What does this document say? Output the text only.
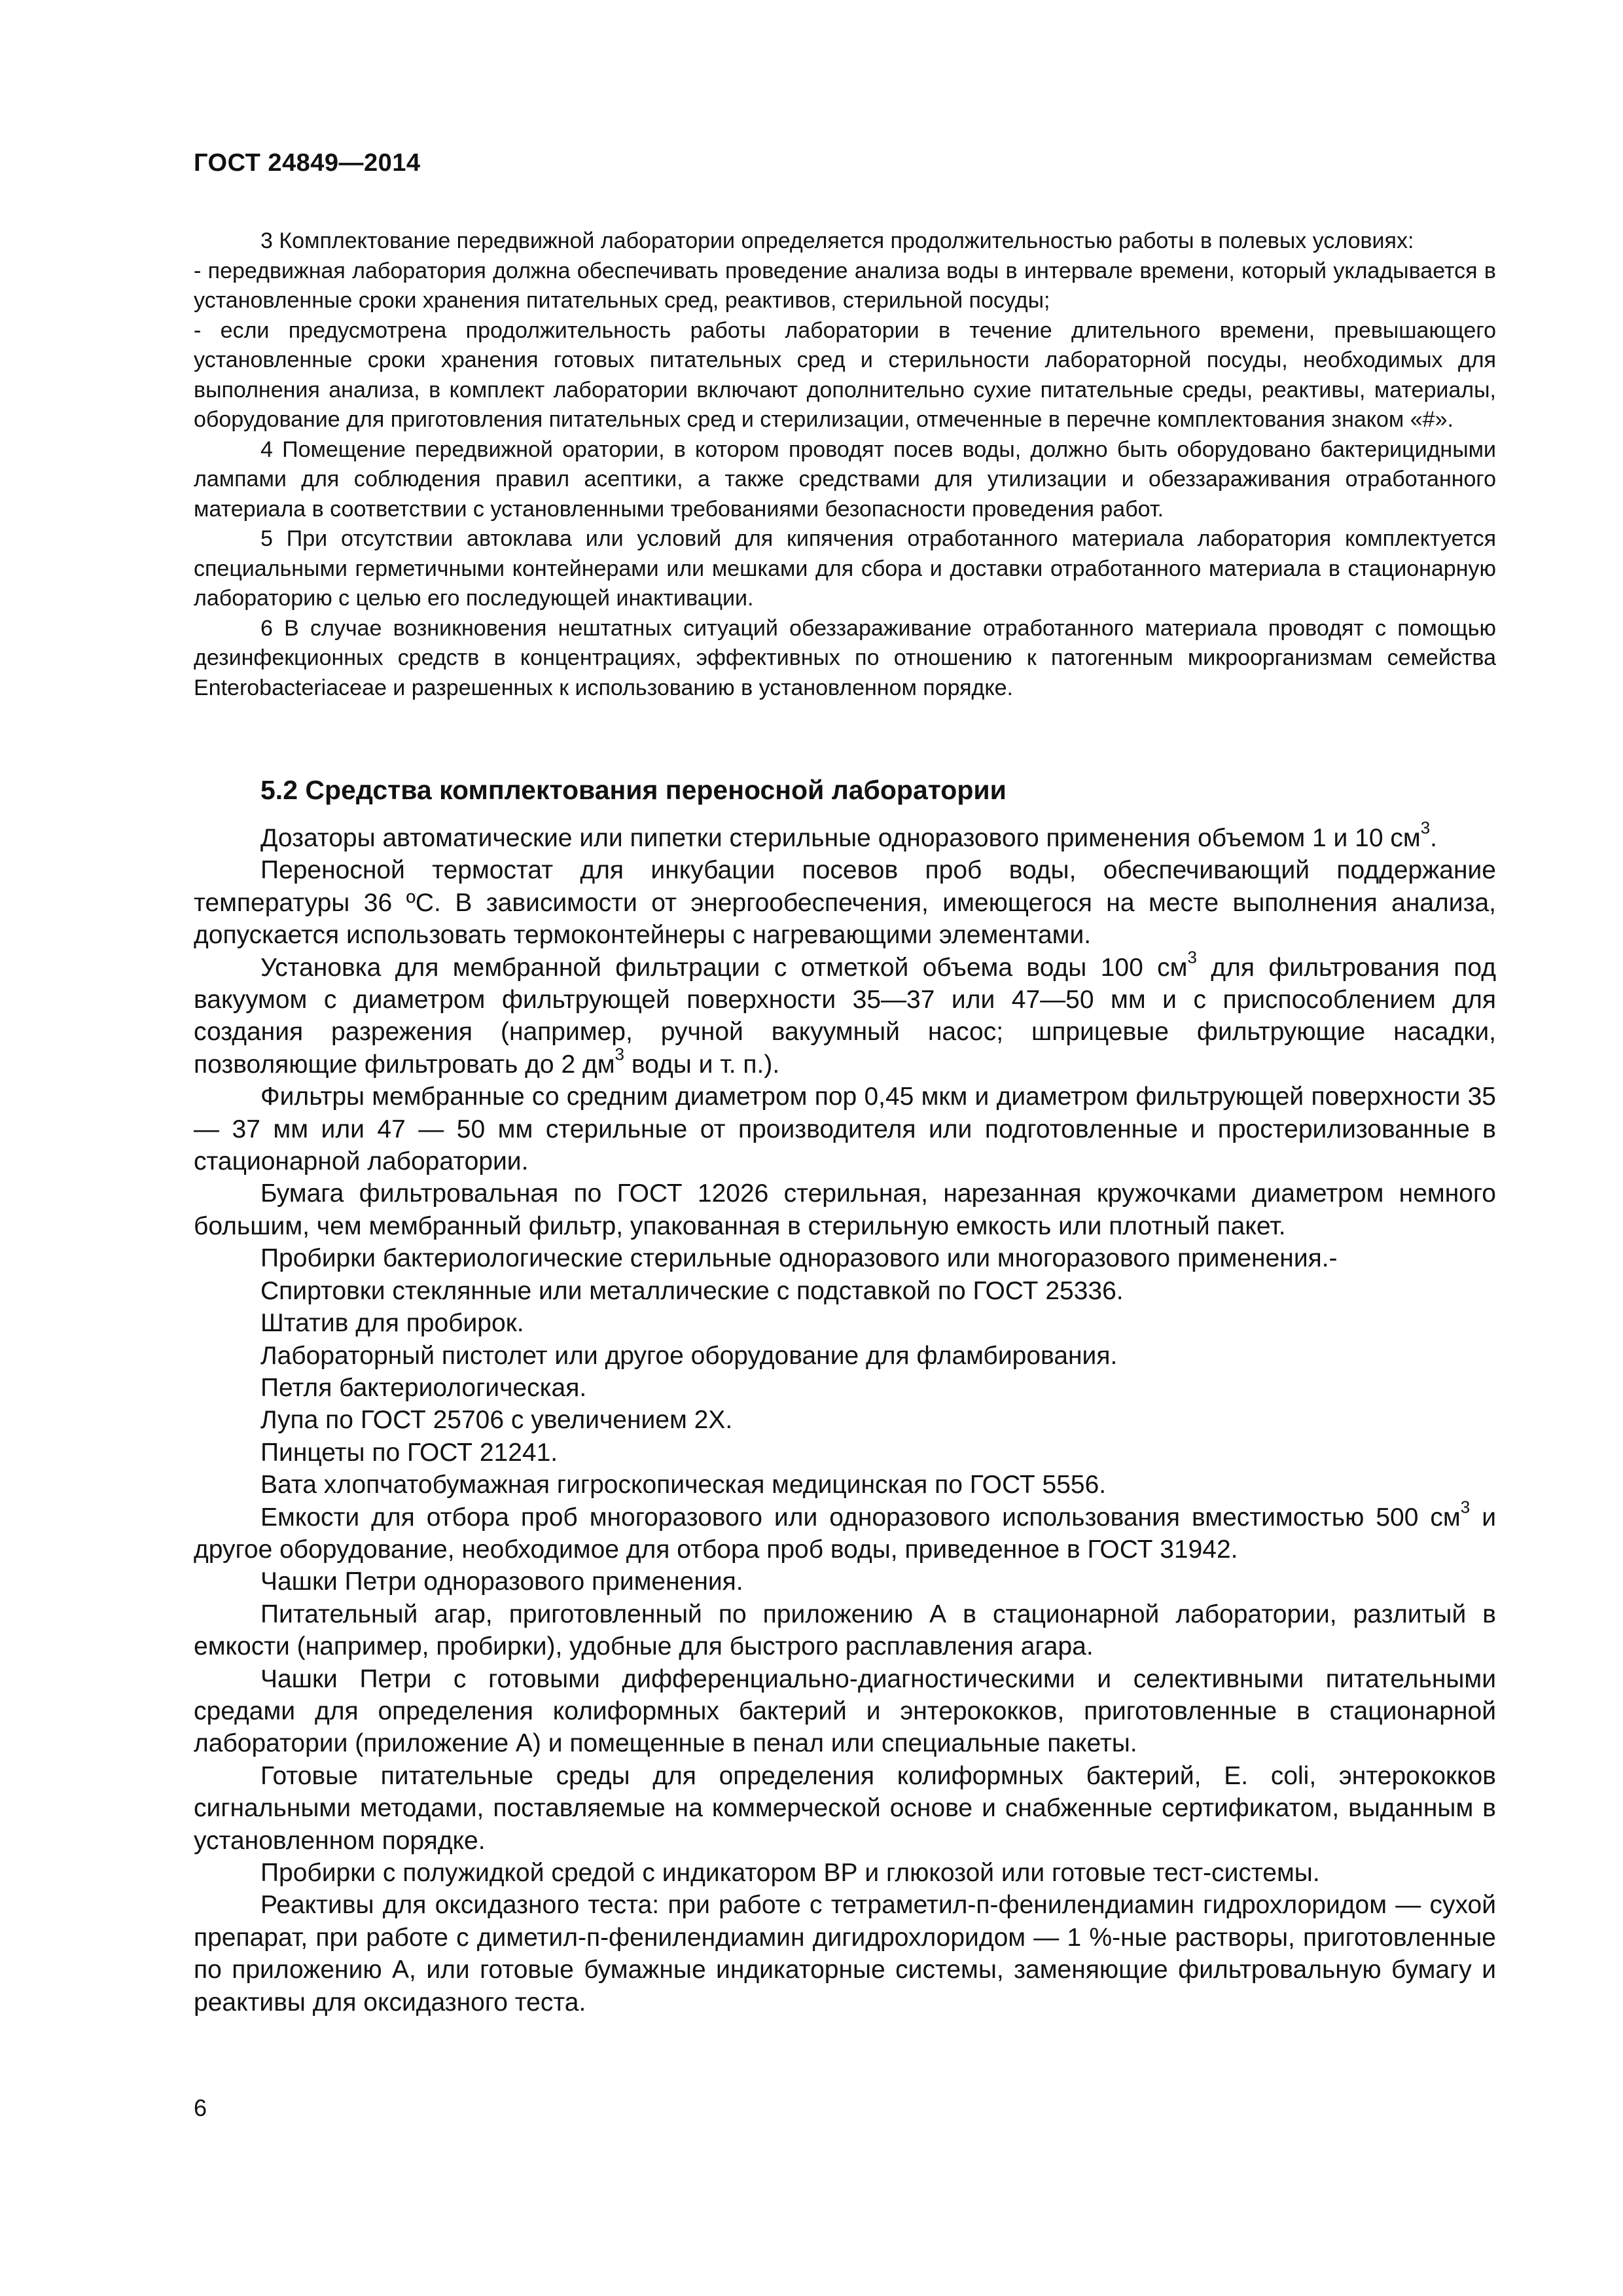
ГОСТ 24849—2014

3 Комплектование передвижной лаборатории определяется продолжительностью работы в полевых условиях:

- передвижная лаборатория должна обеспечивать проведение анализа воды в интервале времени, который укладывается в установленные сроки хранения питательных сред, реактивов, стерильной посуды;

- если предусмотрена продолжительность работы лаборатории в течение длительного времени, превышающего установленные сроки хранения готовых питательных сред и стерильности лабораторной посуды, необходимых для выполнения анализа, в комплект лаборатории включают дополнительно сухие питательные среды, реактивы, материалы, оборудование для приготовления питательных сред и стерилизации, отмеченные в перечне комплектования знаком «#».

4 Помещение передвижной оратории, в котором проводят посев воды, должно быть оборудовано бактерицидными лампами для соблюдения правил асептики, а также средствами для утилизации и обеззараживания отработанного материала в соответствии с установленными требованиями безопасности проведения работ.

5 При отсутствии автоклава или условий для кипячения отработанного материала лаборатория комплектуется специальными герметичными контейнерами или мешками для сбора и доставки отработанного материала в стационарную лабораторию с целью его последующей инактивации.

6 В случае возникновения нештатных ситуаций обеззараживание отработанного материала проводят с помощью дезинфекционных средств в концентрациях, эффективных по отношению к патогенным микроорганизмам семейства Enterobacteriaceae и разрешенных к использованию в установленном порядке.

5.2 Средства комплектования переносной лаборатории

Дозаторы автоматические или пипетки стерильные одноразового применения объемом 1 и 10 $см^3$.

Переносной термостат для инкубации посевов проб воды, обеспечивающий поддержание температуры 36 ºС. В зависимости от энергообеспечения, имеющегося на месте выполнения анализа, допускается использовать термоконтейнеры с нагревающими элементами.

Установка для мембранной фильтрации с отметкой объема воды 100 $см^3$ для фильтрования под вакуумом с диаметром фильтрующей поверхности 35—37 или 47—50 мм и с приспособлением для создания разрежения (например, ручной вакуумный насос; шприцевые фильтрующие насадки, позволяющие фильтровать до 2 $дм^3$ воды и т. п.).

Фильтры мембранные со средним диаметром пор 0,45 мкм и диаметром фильтрующей поверхности 35 — 37 мм или 47 — 50 мм стерильные от производителя или подготовленные и простерилизованные в стационарной лаборатории.

Бумага фильтровальная по ГОСТ 12026 стерильная, нарезанная кружочками диаметром немного большим, чем мембранный фильтр, упакованная в стерильную емкость или плотный пакет.

Пробирки бактериологические стерильные одноразового или многоразового применения.-

Спиртовки стеклянные или металлические с подставкой по ГОСТ 25336.

Штатив для пробирок.

Лабораторный пистолет или другое оборудование для фламбирования.

Петля бактериологическая.

Лупа по ГОСТ 25706 с увеличением 2Х.

Пинцеты по ГОСТ 21241.

Вата хлопчатобумажная гигроскопическая медицинская по ГОСТ 5556.

Емкости для отбора проб многоразового или одноразового использования вместимостью 500 $см^3$ и другое оборудование, необходимое для отбора проб воды, приведенное в ГОСТ 31942.

Чашки Петри одноразового применения.

Питательный агар, приготовленный по приложению А в стационарной лаборатории, разлитый в емкости (например, пробирки), удобные для быстрого расплавления агара.

Чашки Петри с готовыми дифференциально-диагностическими и селективными питательными средами для определения колиформных бактерий и энтерококков, приготовленные в стационарной лаборатории (приложение А) и помещенные в пенал или специальные пакеты.

Готовые питательные среды для определения колиформных бактерий, E. coli, энтерококков сигнальными методами, поставляемые на коммерческой основе и снабженные сертификатом, выданным в установленном порядке.

Пробирки с полужидкой средой с индикатором ВР и глюкозой или готовые тест-системы.

Реактивы для оксидазного теста: при работе с тетраметил-п-фенилендиамин гидрохлоридом — сухой препарат, при работе с диметил-п-фенилендиамин дигидрохлоридом — 1 %-ные растворы, приготовленные по приложению А, или готовые бумажные индикаторные системы, заменяющие фильтровальную бумагу и реактивы для оксидазного теста.

6
